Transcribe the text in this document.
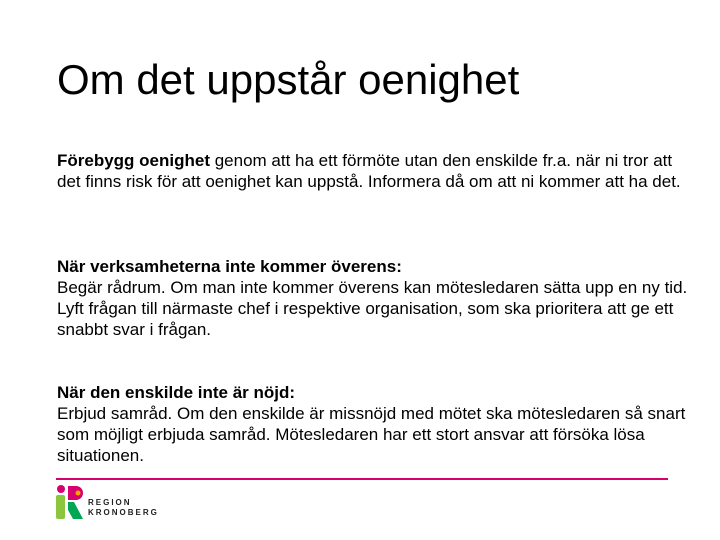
Om det uppstår oenighet

Förebygg oenighet genom att ha ett förmöte utan den enskilde fr.a. när ni tror att det finns risk för att oenighet kan uppstå. Informera då om att ni kommer att ha det.

När verksamheterna inte kommer överens:
Begär rådrum. Om man inte kommer överens kan mötesledaren sätta upp en ny tid. Lyft frågan till närmaste chef i respektive organisation, som ska prioritera att ge ett snabbt svar i frågan.

När den enskilde inte är nöjd:
Erbjud samråd. Om den enskilde är missnöjd med mötet ska mötesledaren så snart som möjligt erbjuda samråd. Mötesledaren har ett stort ansvar att försöka lösa situationen.

REGION
KRONOBERG
